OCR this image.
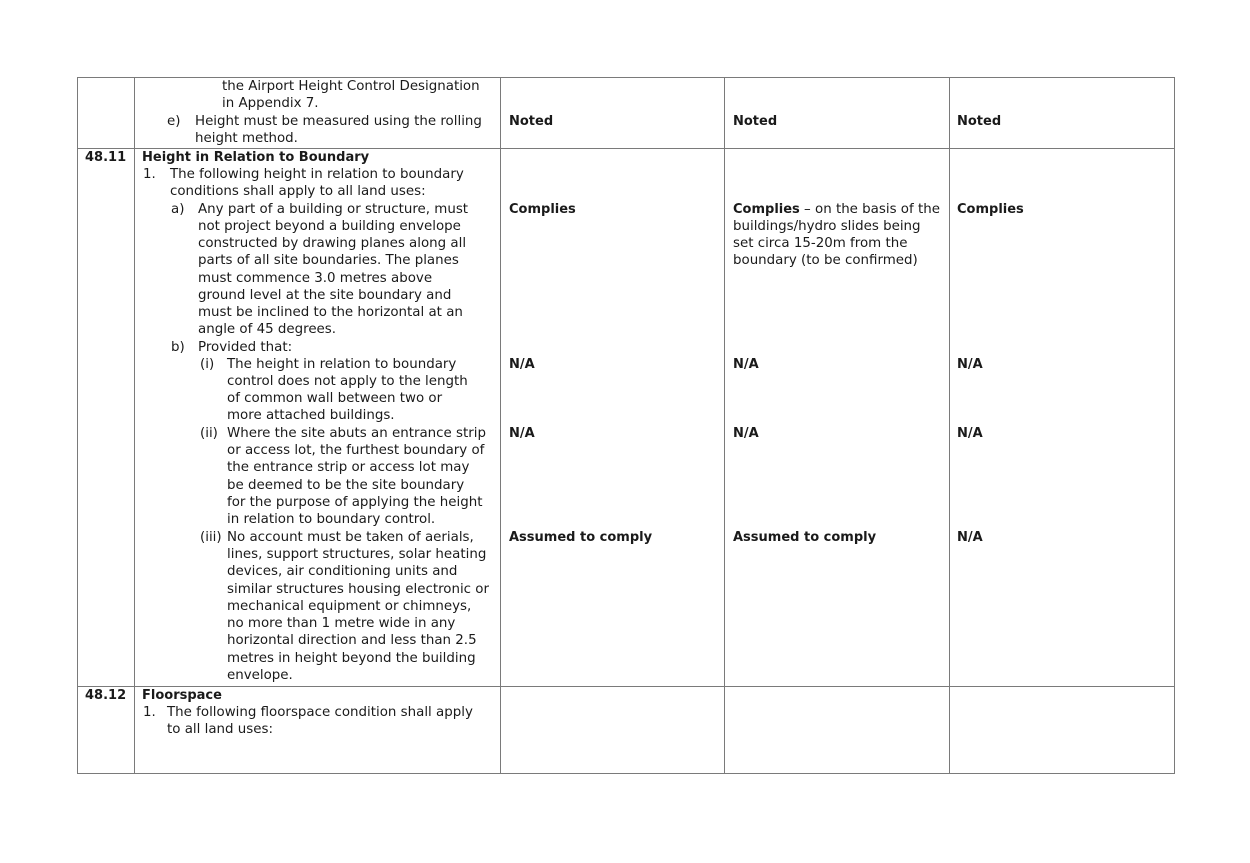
the Airport Height Control Designation
in Appendix 7.
e) Height must be measured using the rolling
height method.
Noted	Noted	Noted
48.11 Height in Relation to Boundary
1. The following height in relation to boundary
conditions shall apply to all land uses:
a) Any part of a building or structure, must
not project beyond a building envelope
constructed by drawing planes along all
parts of all site boundaries. The planes
must commence 3.0 metres above
ground level at the site boundary and
must be inclined to the horizontal at an
angle of 45 degrees.
b) Provided that:
(i) The height in relation to boundary
control does not apply to the length
of common wall between two or
more attached buildings.
(ii) Where the site abuts an entrance strip
or access lot, the furthest boundary of
the entrance strip or access lot may
be deemed to be the site boundary
for the purpose of applying the height
in relation to boundary control.
(iii) No account must be taken of aerials,
lines, support structures, solar heating
devices, air conditioning units and
similar structures housing electronic or
mechanical equipment or chimneys,
no more than 1 metre wide in any
horizontal direction and less than 2.5
metres in height beyond the building
envelope.
Complies
N/A
N/A
Assumed to comply
Complies – on the basis of the
buildings/hydro slides being
set circa 15-20m from the
boundary (to be confirmed)
N/A
N/A
Assumed to comply
Complies
N/A
N/A
N/A
48.12 Floorspace
1. The following floorspace condition shall apply
to all land uses:
